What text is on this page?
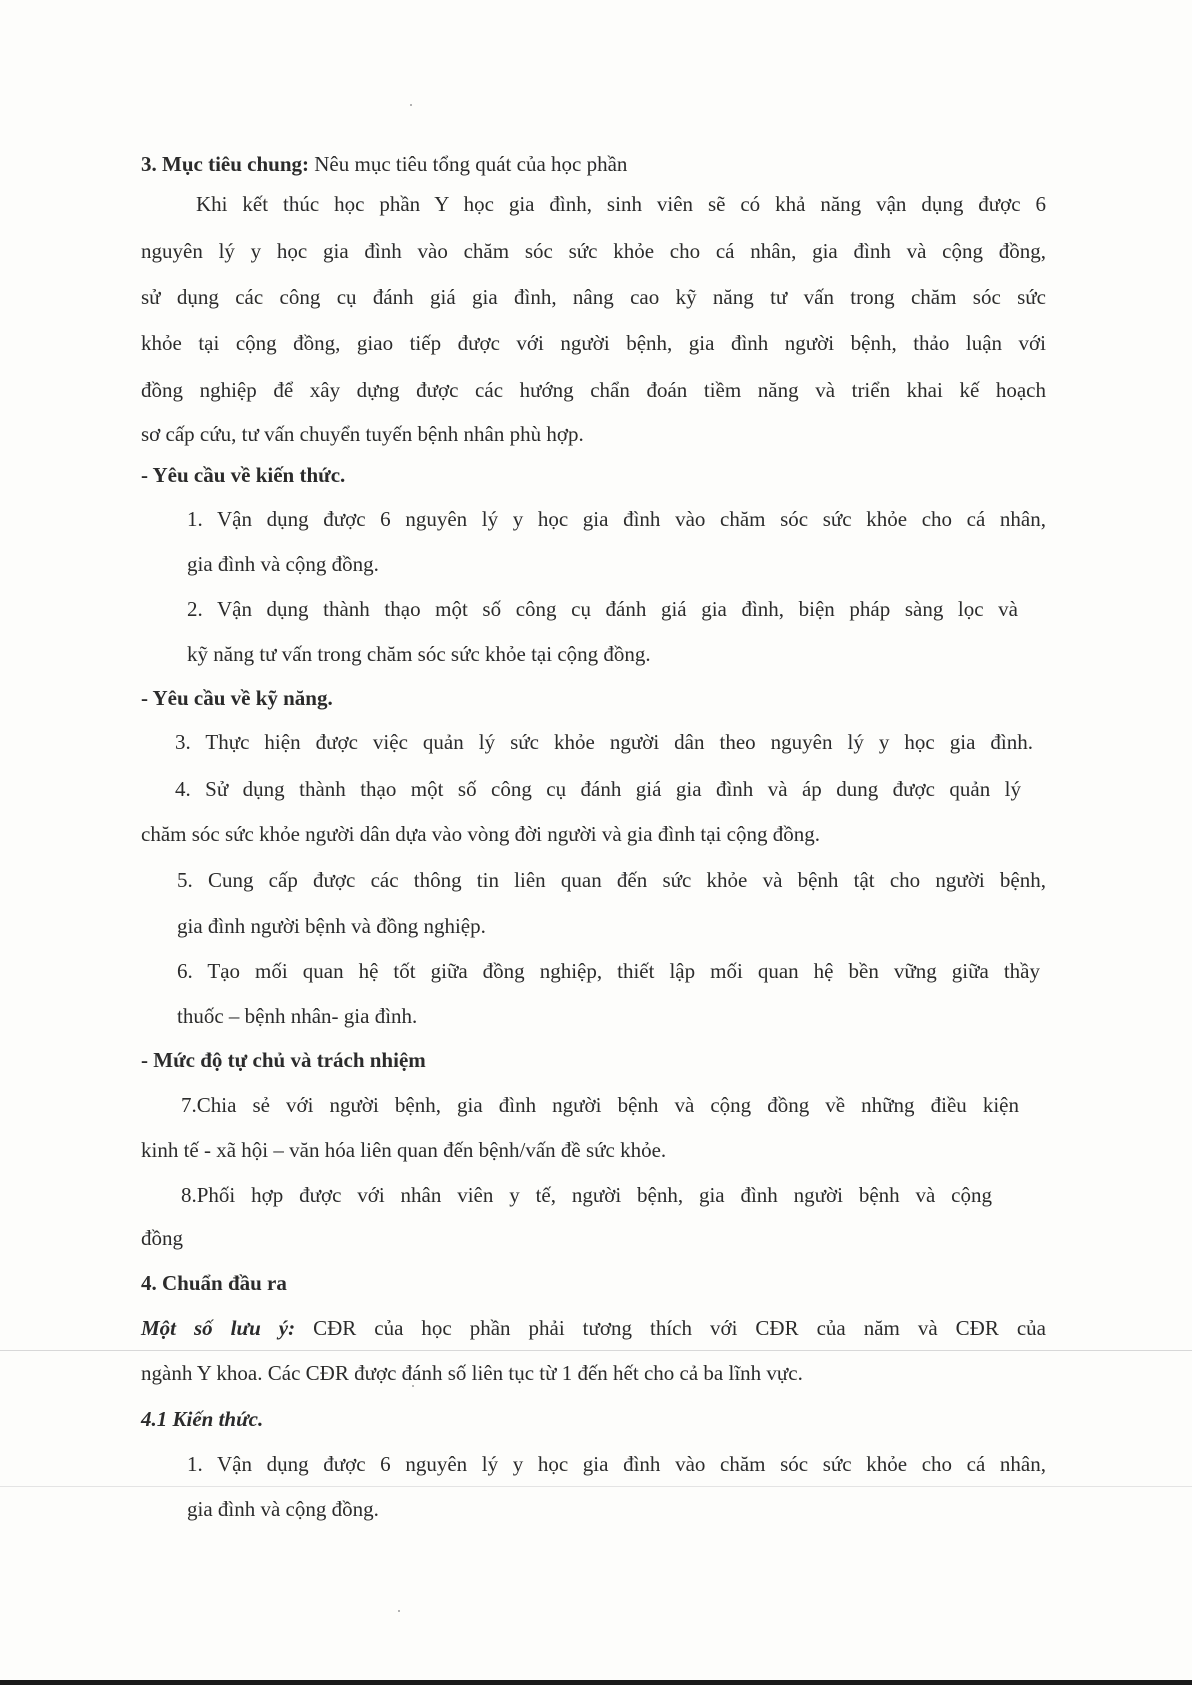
3. Mục tiêu chung: Nêu mục tiêu tổng quát của học phần
Khi kết thúc học phần Y học gia đình, sinh viên sẽ có khả năng vận dụng được 6
nguyên lý y học gia đình vào chăm sóc sức khỏe cho cá nhân, gia đình và cộng đồng,
sử dụng các công cụ đánh giá gia đình, nâng cao kỹ năng tư vấn trong chăm sóc sức
khỏe tại cộng đồng, giao tiếp được với người bệnh, gia đình người bệnh, thảo luận với
đồng nghiệp để xây dựng được các hướng chẩn đoán tiềm năng và triển khai kế hoạch
sơ cấp cứu, tư vấn chuyển tuyến bệnh nhân phù hợp.
- Yêu cầu về kiến thức.
1. Vận dụng được 6 nguyên lý y học gia đình vào chăm sóc sức khỏe cho cá nhân,
gia đình và cộng đồng.
2. Vận dụng thành thạo một số công cụ đánh giá gia đình, biện pháp sàng lọc và
kỹ năng tư vấn trong chăm sóc sức khỏe tại cộng đồng.
- Yêu cầu về kỹ năng.
3. Thực hiện được việc quản lý sức khỏe người dân theo nguyên lý y học gia đình.
4. Sử dụng thành thạo một số công cụ đánh giá gia đình và áp dung được quản lý
chăm sóc sức khỏe người dân dựa vào vòng đời người và gia đình tại cộng đồng.
5. Cung cấp được các thông tin liên quan đến sức khỏe và bệnh tật cho người bệnh,
gia đình người bệnh và đồng nghiệp.
6. Tạo mối quan hệ tốt giữa đồng nghiệp, thiết lập mối quan hệ bền vững giữa thầy
thuốc – bệnh nhân- gia đình.
- Mức độ tự chủ và trách nhiệm
7.Chia sẻ với người bệnh, gia đình người bệnh và cộng đồng về những điều kiện
kinh tế - xã hội – văn hóa liên quan đến bệnh/vấn đề sức khỏe.
8.Phối hợp được với nhân viên y tế, người bệnh, gia đình người bệnh và cộng
đồng
4. Chuẩn đầu ra
Một số lưu ý: CĐR của học phần phải tương thích với CĐR của năm và CĐR của
ngành Y khoa. Các CĐR được đánh số liên tục từ 1 đến hết cho cả ba lĩnh vực.
4.1 Kiến thức.
1. Vận dụng được 6 nguyên lý y học gia đình vào chăm sóc sức khỏe cho cá nhân,
gia đình và cộng đồng.
